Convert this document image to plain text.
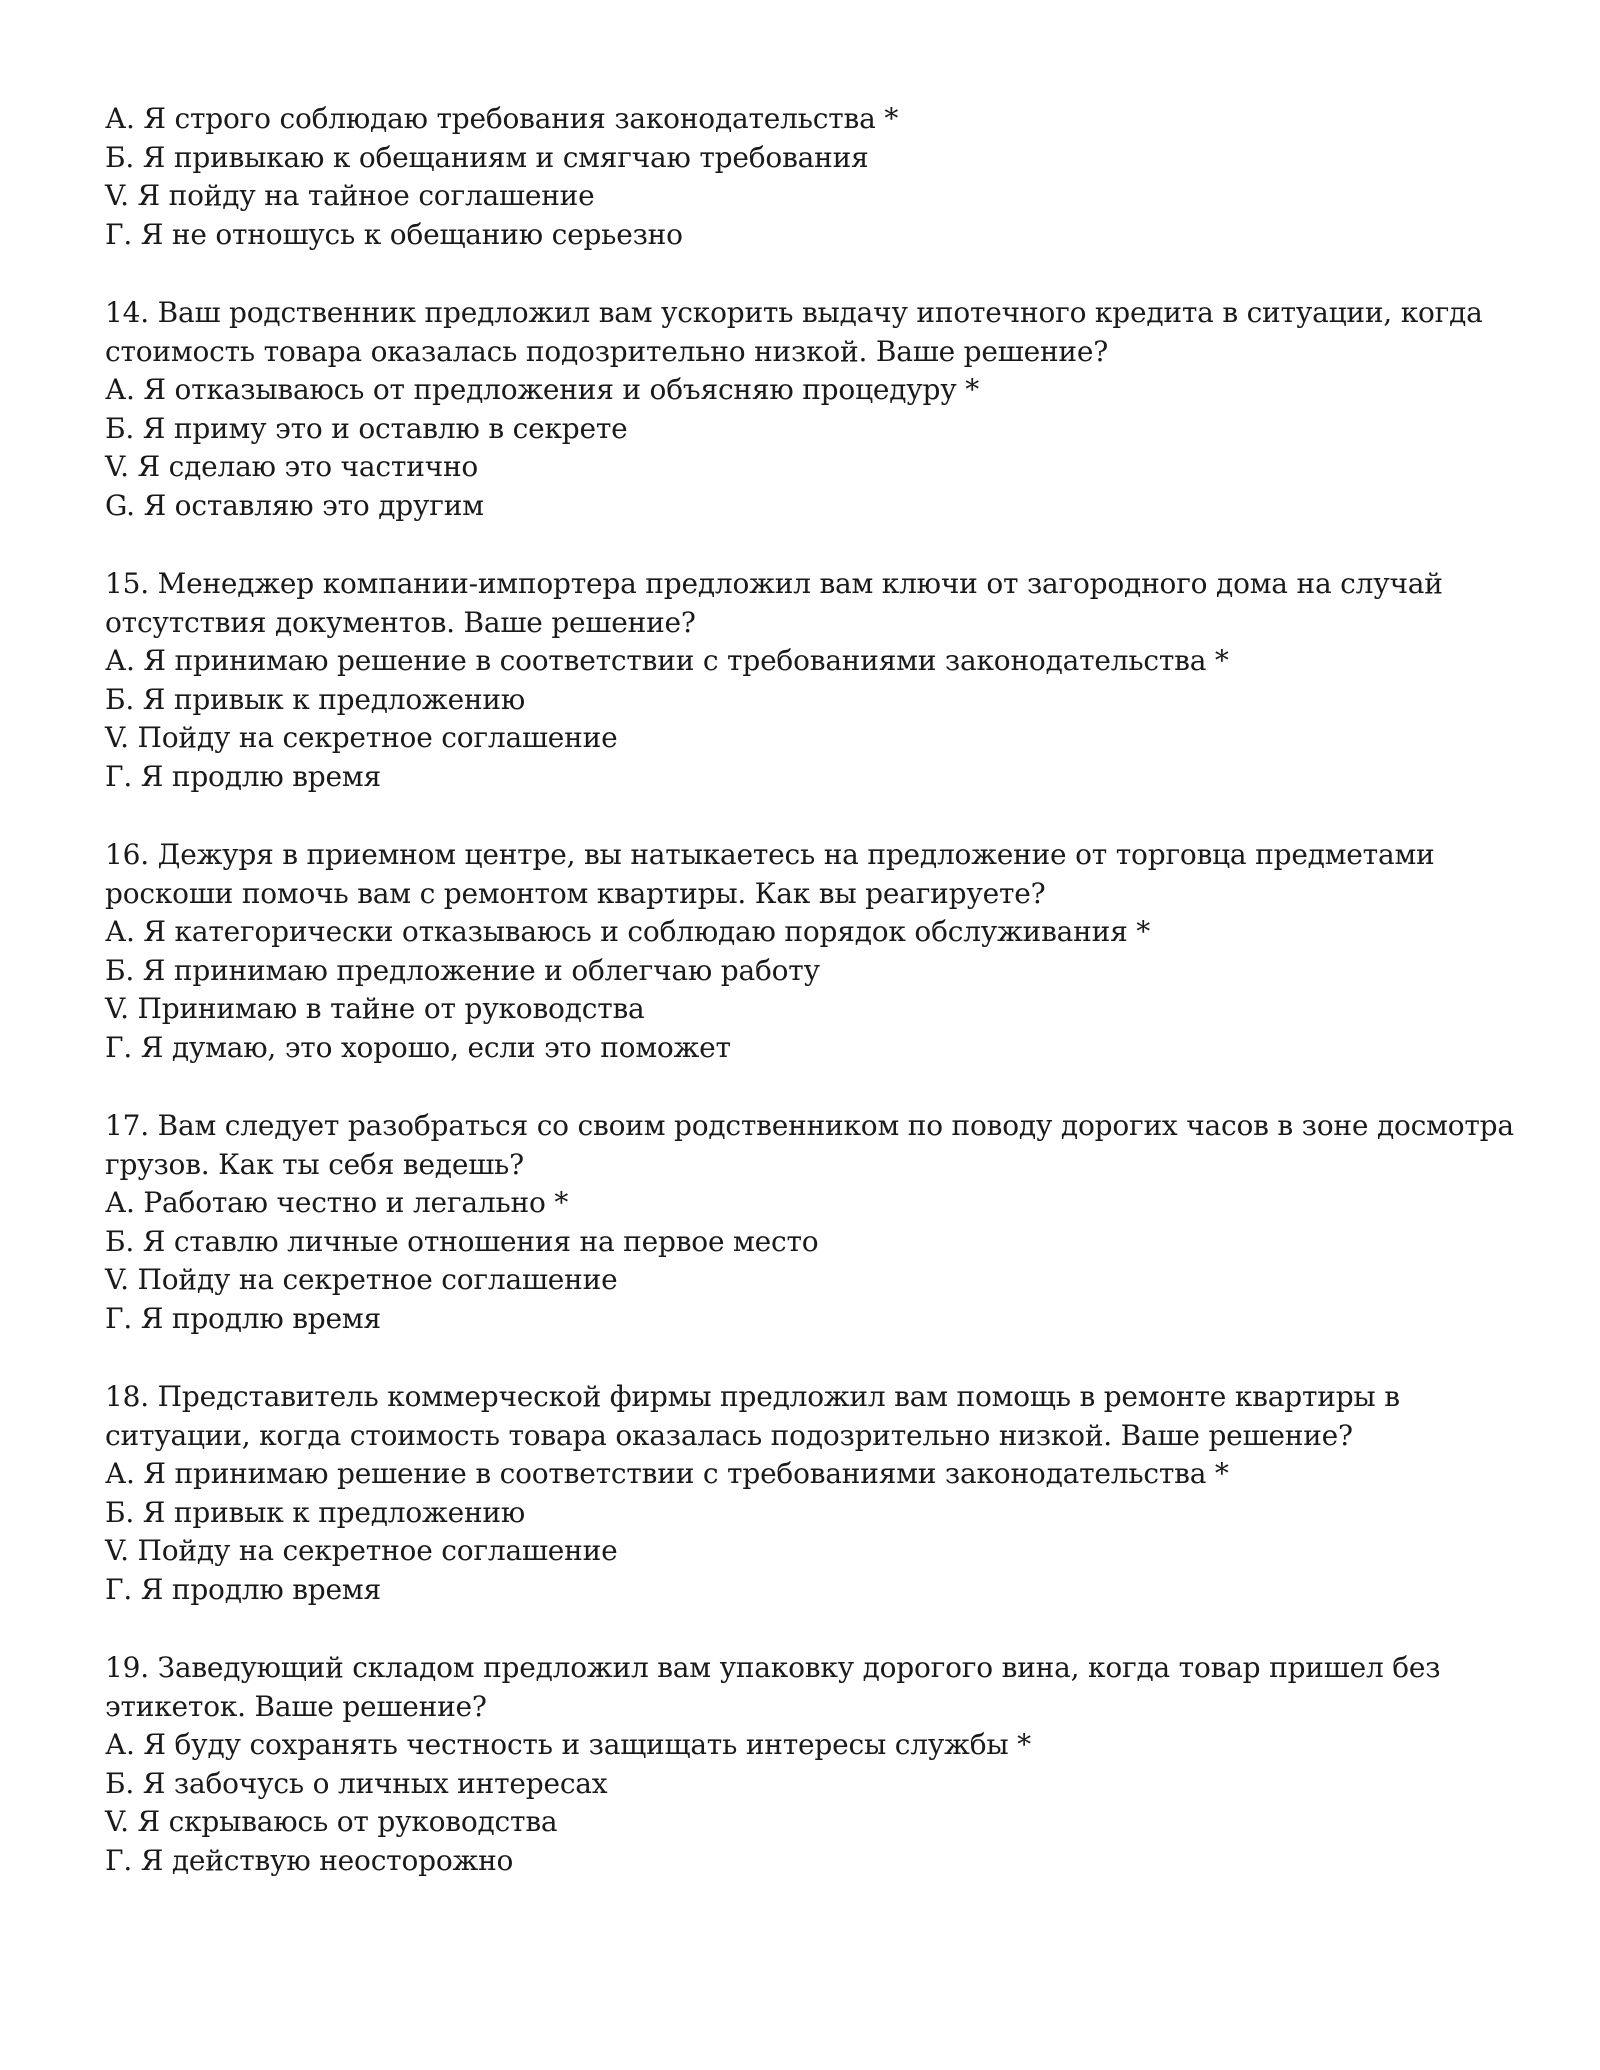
А. Я строго соблюдаю требования законодательства *
Б. Я привыкаю к обещаниям и смягчаю требования
V. Я пойду на тайное соглашение
Г. Я не отношусь к обещанию серьезно
14. Ваш родственник предложил вам ускорить выдачу ипотечного кредита в ситуации, когда
стоимость товара оказалась подозрительно низкой. Ваше решение?
А. Я отказываюсь от предложения и объясняю процедуру *
Б. Я приму это и оставлю в секрете
V. Я сделаю это частично
G. Я оставляю это другим
15. Менеджер компании-импортера предложил вам ключи от загородного дома на случай
отсутствия документов. Ваше решение?
А. Я принимаю решение в соответствии с требованиями законодательства *
Б. Я привык к предложению
V. Пойду на секретное соглашение
Г. Я продлю время
16. Дежуря в приемном центре, вы натыкаетесь на предложение от торговца предметами
роскоши помочь вам с ремонтом квартиры. Как вы реагируете?
А. Я категорически отказываюсь и соблюдаю порядок обслуживания *
Б. Я принимаю предложение и облегчаю работу
V. Принимаю в тайне от руководства
Г. Я думаю, это хорошо, если это поможет
17. Вам следует разобраться со своим родственником по поводу дорогих часов в зоне досмотра
грузов. Как ты себя ведешь?
А. Работаю честно и легально *
Б. Я ставлю личные отношения на первое место
V. Пойду на секретное соглашение
Г. Я продлю время
18. Представитель коммерческой фирмы предложил вам помощь в ремонте квартиры в
ситуации, когда стоимость товара оказалась подозрительно низкой. Ваше решение?
А. Я принимаю решение в соответствии с требованиями законодательства *
Б. Я привык к предложению
V. Пойду на секретное соглашение
Г. Я продлю время
19. Заведующий складом предложил вам упаковку дорогого вина, когда товар пришел без
этикеток. Ваше решение?
А. Я буду сохранять честность и защищать интересы службы *
Б. Я забочусь о личных интересах
V. Я скрываюсь от руководства
Г. Я действую неосторожно
